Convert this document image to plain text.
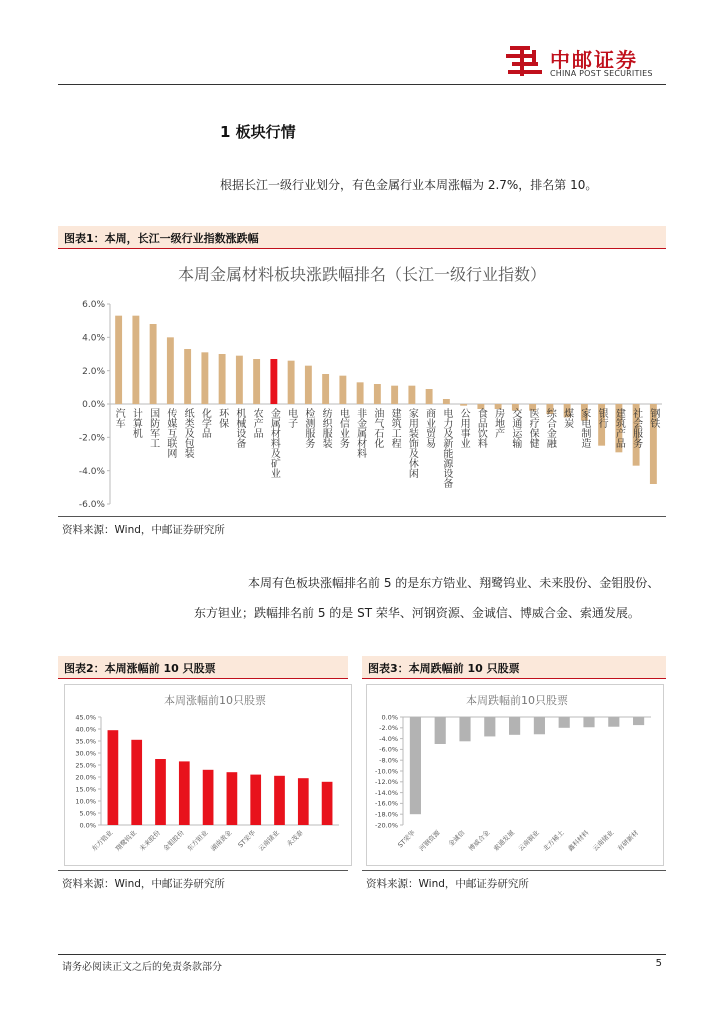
中邮证券
CHINA POST SECURITIES
1 板块行情
根据长江一级行业划分，有色金属行业本周涨幅为 2.7%，排名第 10。
图表1：本周，长江一级行业指数涨跌幅
本周金属材料板块涨跌幅排名（长江一级行业指数）
6.0%
4.0%
2.0%
0.0%
-2.0%
-4.0%
-6.0%
汽车 计算机 国防军工 传媒互联网 纸类及包装 化学品 环保 机械设备 农产品 金属材料及矿业 电子 检测服务 纺织服装 电信业务 非金属材料 油气石化 建筑工程 家用装饰及休闲 商业贸易 电力及新能源设备 公用事业 食品饮料 房地产 交通运输 医疗保健 综合金融 煤炭 家电制造 银行 建筑产品 社会服务 钢铁
资料来源：Wind，中邮证券研究所
本周有色板块涨幅排名前 5 的是东方锆业、翔鹭钨业、未来股份、金钼股份、东方钽业；跌幅排名前 5 的是 ST 荣华、河钢资源、金诚信、博威合金、索通发展。
图表2：本周涨幅前 10 只股票
本周涨幅前10只股票
45.0%
40.0%
35.0%
30.0%
25.0%
20.0%
15.0%
10.0%
5.0%
0.0%
东方锆业 翔鹭钨业 未来股份 金钼股份 东方钽业 湖南黄金 ST荣华 云南锗业 永茂泰
资料来源：Wind，中邮证券研究所
图表3：本周跌幅前 10 只股票
本周跌幅前10只股票
0.0%
-2.0%
-4.0%
-6.0%
-8.0%
-10.0%
-12.0%
-14.0%
-16.0%
-18.0%
-20.0%
ST荣华 河钢资源 金诚信 博威合金 索通发展 云南铜业 北方稀土 鑫科材料 云南锗业 有研新材
资料来源：Wind，中邮证券研究所
请务必阅读正文之后的免责条款部分	5
